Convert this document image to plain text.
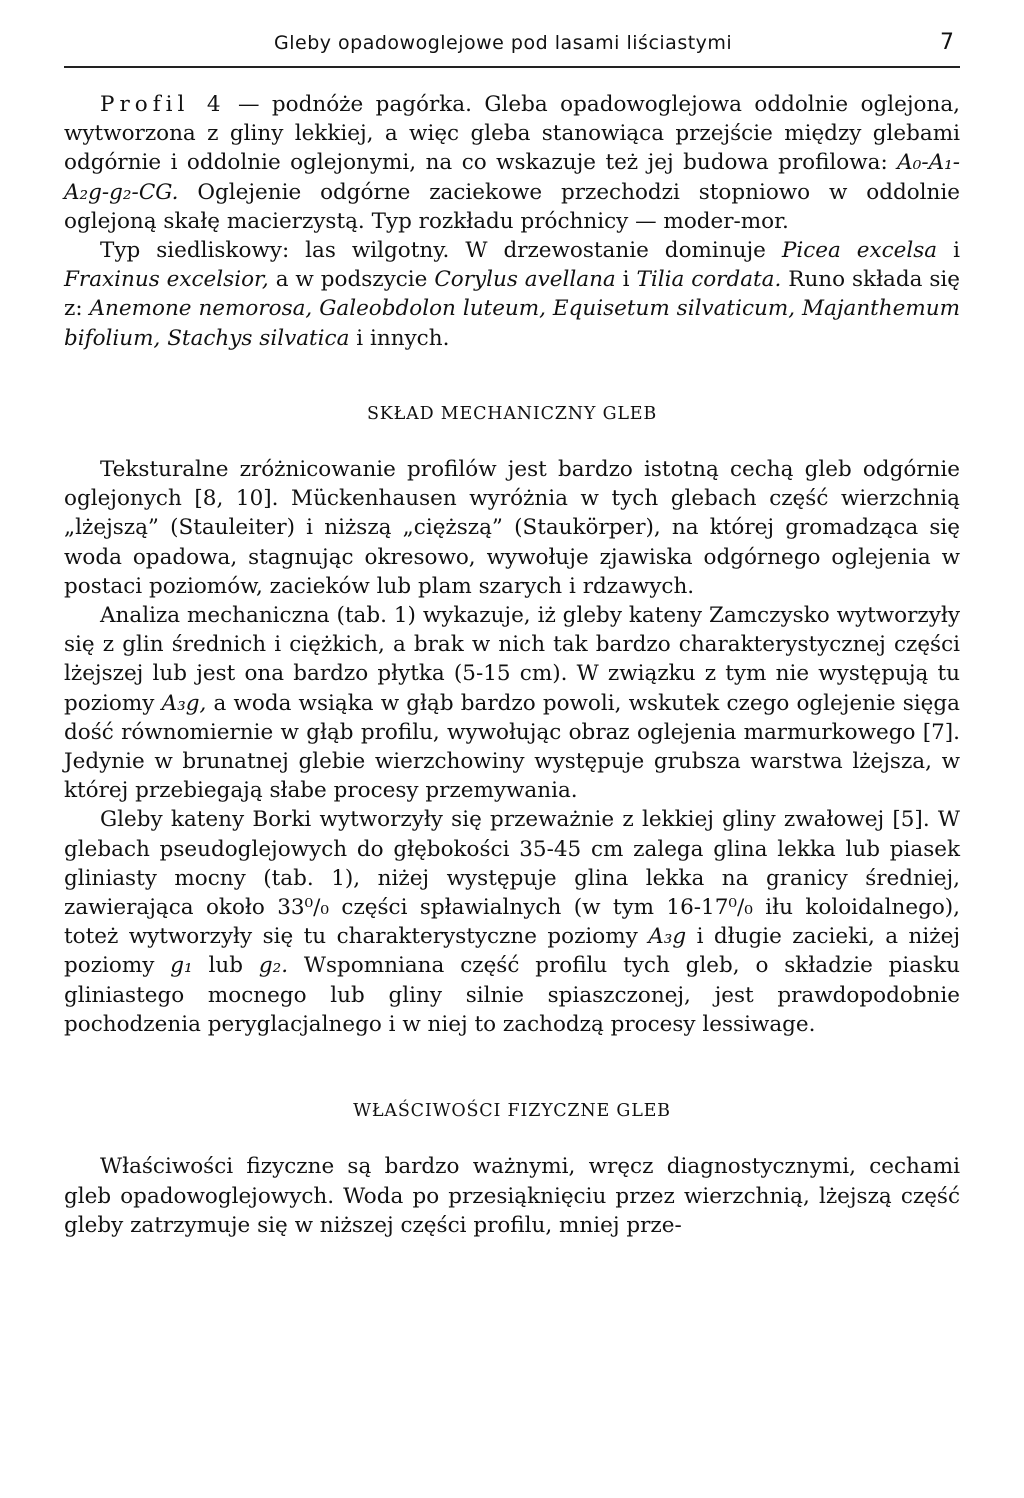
Gleby opadowoglejowe pod lasami liściastymi	7

Profil 4 — podnóże pagórka. Gleba opadowoglejowa oddolnie oglejona, wytworzona z gliny lekkiej, a więc gleba stanowiąca przejście między glebami odgórnie i oddolnie oglejonymi, na co wskazuje też jej budowa profilowa: A₀-A₁-A₂g-g₂-CG. Oglejenie odgórne zaciekowe przechodzi stopniowo w oddolnie oglejoną skałę macierzystą. Typ rozkładu próchnicy — moder-mor.

Typ siedliskowy: las wilgotny. W drzewostanie dominuje Picea excelsa i Fraxinus excelsior, a w podszycie Corylus avellana i Tilia cordata. Runo składa się z: Anemone nemorosa, Galeobdolon luteum, Equisetum silvaticum, Majanthemum bifolium, Stachys silvatica i innych.

SKŁAD MECHANICZNY GLEB

Teksturalne zróżnicowanie profilów jest bardzo istotną cechą gleb odgórnie oglejonych [8, 10]. Mückenhausen wyróżnia w tych glebach część wierzchnią „lżejszą” (Stauleiter) i niższą „cięższą” (Staukörper), na której gromadząca się woda opadowa, stagnując okresowo, wywołuje zjawiska odgórnego oglejenia w postaci poziomów, zacieków lub plam szarych i rdzawych.

Analiza mechaniczna (tab. 1) wykazuje, iż gleby kateny Zamczysko wytworzyły się z glin średnich i ciężkich, a brak w nich tak bardzo charakterystycznej części lżejszej lub jest ona bardzo płytka (5-15 cm). W związku z tym nie występują tu poziomy A₃g, a woda wsiąka w głąb bardzo powoli, wskutek czego oglejenie sięga dość równomiernie w głąb profilu, wywołując obraz oglejenia marmurkowego [7]. Jedynie w brunatnej glebie wierzchowiny występuje grubsza warstwa lżejsza, w której przebiegają słabe procesy przemywania.

Gleby kateny Borki wytworzyły się przeważnie z lekkiej gliny zwałowej [5]. W glebach pseudoglejowych do głębokości 35-45 cm zalega glina lekka lub piasek gliniasty mocny (tab. 1), niżej występuje glina lekka na granicy średniej, zawierająca około 33⁰/₀ części spławialnych (w tym 16-17⁰/₀ iłu koloidalnego), toteż wytworzyły się tu charakterystyczne poziomy A₃g i długie zacieki, a niżej poziomy g₁ lub g₂. Wspomniana część profilu tych gleb, o składzie piasku gliniastego mocnego lub gliny silnie spiaszczonej, jest prawdopodobnie pochodzenia peryglacjalnego i w niej to zachodzą procesy lessiwage.

WŁAŚCIWOŚCI FIZYCZNE GLEB

Właściwości fizyczne są bardzo ważnymi, wręcz diagnostycznymi, cechami gleb opadowoglejowych. Woda po przesiąknięciu przez wierzchnią, lżejszą część gleby zatrzymuje się w niższej części profilu, mniej prze-
